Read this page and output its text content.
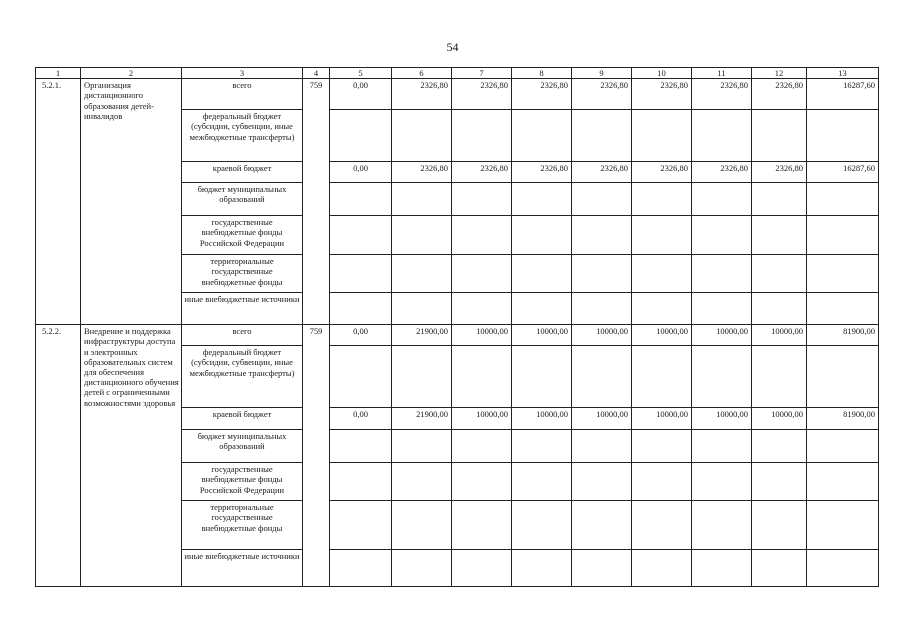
54
1	2	3	4	5	6	7	8	9	10	11	12	13
5.2.1.	Организация дистанционного образования детей-инвалидов	всего	759	0,00	2326,80	2326,80	2326,80	2326,80	2326,80	2326,80	2326,80	16287,60
		федеральный бюджет (субсидии, субвенции, иные межбюджетные трансферты)										
		краевой бюджет		0,00	2326,80	2326,80	2326,80	2326,80	2326,80	2326,80	2326,80	16287,60
		бюджет муниципальных образований										
		государственные внебюджетные фонды Российской Федерации										
		территориальные государственные внебюджетные фонды										
		иные внебюджетные источники										
5.2.2.	Внедрение и поддержка инфраструктуры доступа и электронных образовательных систем для обеспечения дистанционного обучения детей с ограниченными возможностями здоровья	всего	759	0,00	21900,00	10000,00	10000,00	10000,00	10000,00	10000,00	10000,00	81900,00
		федеральный бюджет (субсидии, субвенции, иные межбюджетные трансферты)										
		краевой бюджет		0,00	21900,00	10000,00	10000,00	10000,00	10000,00	10000,00	10000,00	81900,00
		бюджет муниципальных образований										
		государственные внебюджетные фонды Российской Федерации										
		территориальные государственные внебюджетные фонды										
		иные внебюджетные источники										
